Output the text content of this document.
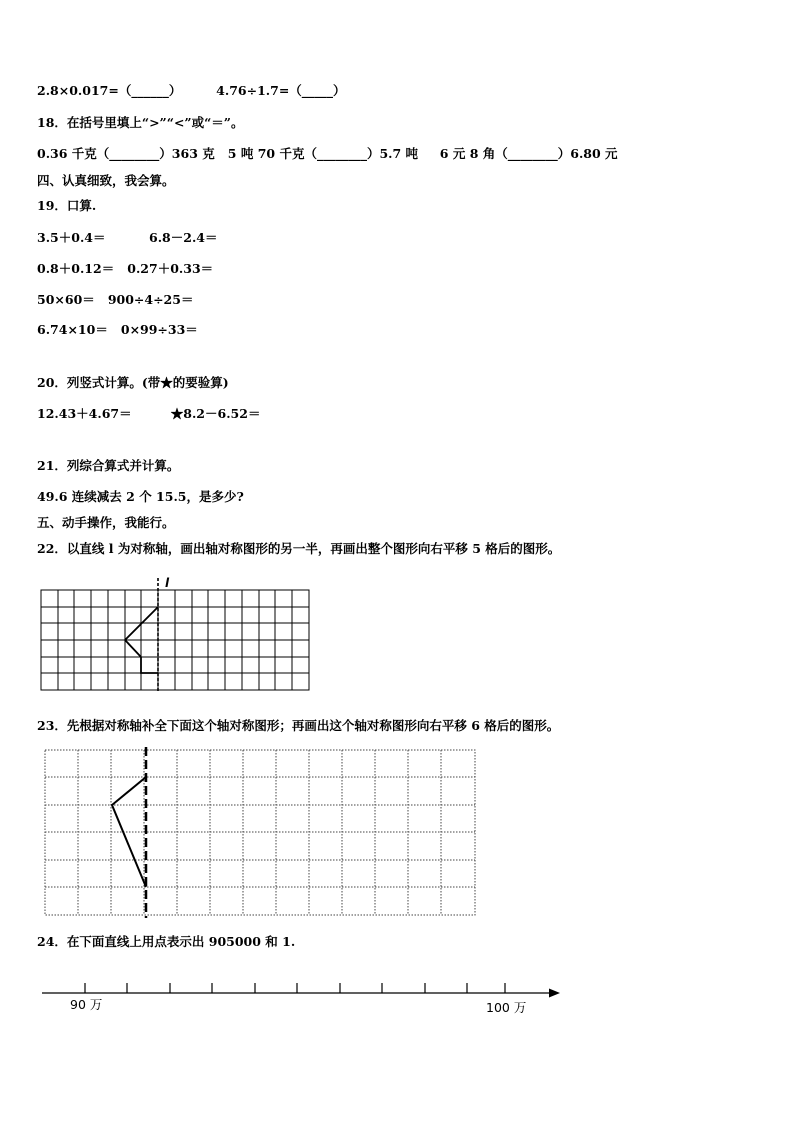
2.8×0.017=（______）        4.76÷1.7=（_____）
18．在括号里填上“>”“<”或“＝”。
0.36 千克（________）363 克   5 吨 70 千克（________）5.7 吨     6 元 8 角（________）6.80 元
四、认真细致，我会算。
19．口算.
3.5＋0.4＝          6.8－2.4＝
0.8＋0.12＝   0.27＋0.33＝
50×60＝   900÷4÷25＝
6.74×10＝   0×99÷33＝
20．列竖式计算。(带★的要验算)
12.43＋4.67＝         ★8.2－6.52＝
21．列综合算式并计算。
49.6 连续减去 2 个 15.5，是多少?
五、动手操作，我能行。
22．以直线 l 为对称轴，画出轴对称图形的另一半，再画出整个图形向右平移 5 格后的图形。
l
23．先根据对称轴补全下面这个轴对称图形；再画出这个轴对称图形向右平移 6 格后的图形。
24．在下面直线上用点表示出 905000 和 1.
90 万	100 万
